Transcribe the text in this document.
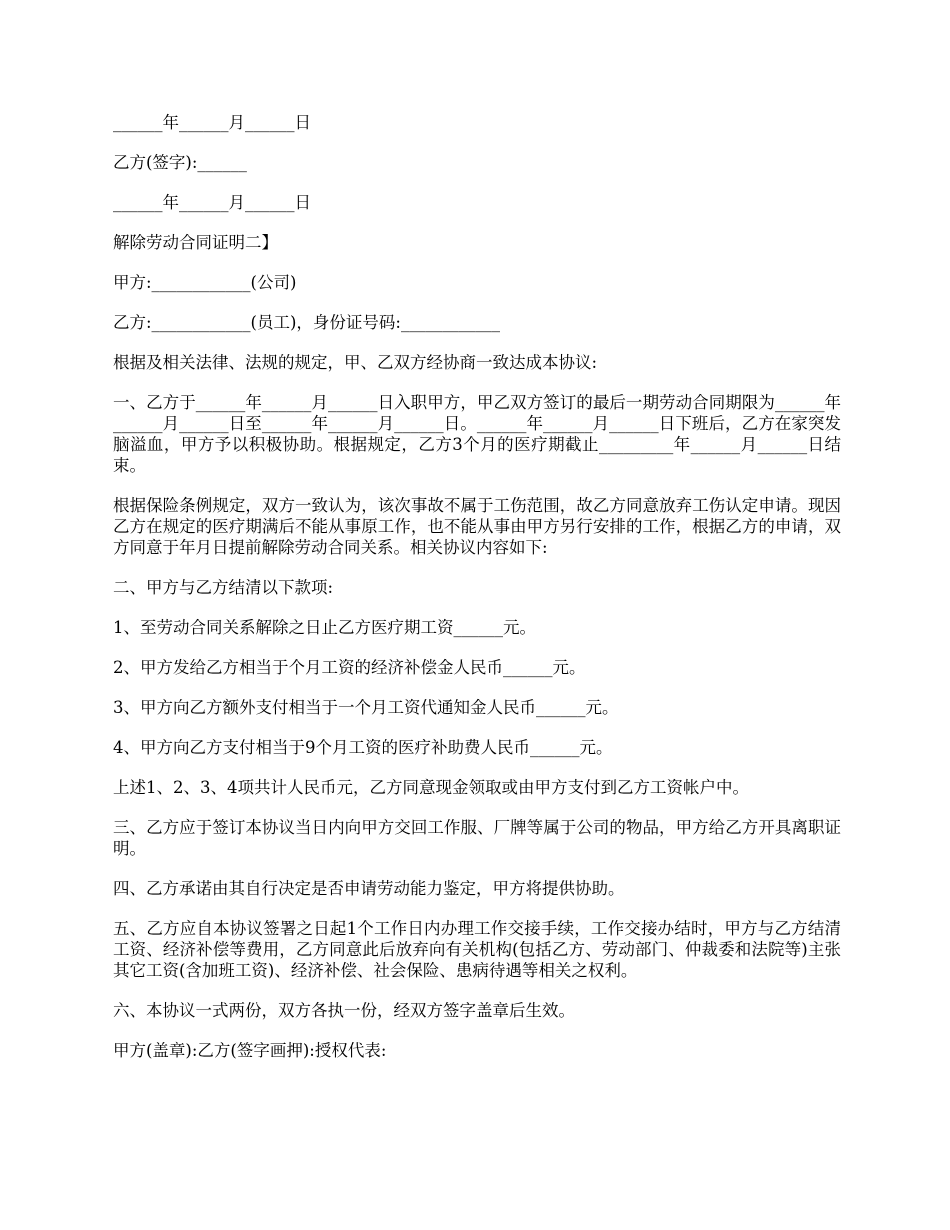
______年______月______日

乙方(签字):______

______年______月______日

解除劳动合同证明二】

甲方:____________(公司)

乙方:____________(员工)，身份证号码:____________

根据及相关法律、法规的规定，甲、乙双方经协商一致达成本协议:

一、乙方于______年______月______日入职甲方，甲乙双方签订的最后一期劳动合同期限为______年______月______日至______年______月______日。______年______月______日下班后，乙方在家突发脑溢血，甲方予以积极协助。根据规定，乙方3个月的医疗期截止_________年______月______日结束。

根据保险条例规定，双方一致认为，该次事故不属于工伤范围，故乙方同意放弃工伤认定申请。现因乙方在规定的医疗期满后不能从事原工作，也不能从事由甲方另行安排的工作，根据乙方的申请，双方同意于年月日提前解除劳动合同关系。相关协议内容如下:

二、甲方与乙方结清以下款项:

1、至劳动合同关系解除之日止乙方医疗期工资______元。

2、甲方发给乙方相当于个月工资的经济补偿金人民币______元。

3、甲方向乙方额外支付相当于一个月工资代通知金人民币______元。

4、甲方向乙方支付相当于9个月工资的医疗补助费人民币______元。

上述1、2、3、4项共计人民币元，乙方同意现金领取或由甲方支付到乙方工资帐户中。

三、乙方应于签订本协议当日内向甲方交回工作服、厂牌等属于公司的物品，甲方给乙方开具离职证明。

四、乙方承诺由其自行决定是否申请劳动能力鉴定，甲方将提供协助。

五、乙方应自本协议签署之日起1个工作日内办理工作交接手续，工作交接办结时，甲方与乙方结清工资、经济补偿等费用，乙方同意此后放弃向有关机构(包括乙方、劳动部门、仲裁委和法院等)主张其它工资(含加班工资)、经济补偿、社会保险、患病待遇等相关之权利。

六、本协议一式两份，双方各执一份，经双方签字盖章后生效。

甲方(盖章):乙方(签字画押):授权代表:
